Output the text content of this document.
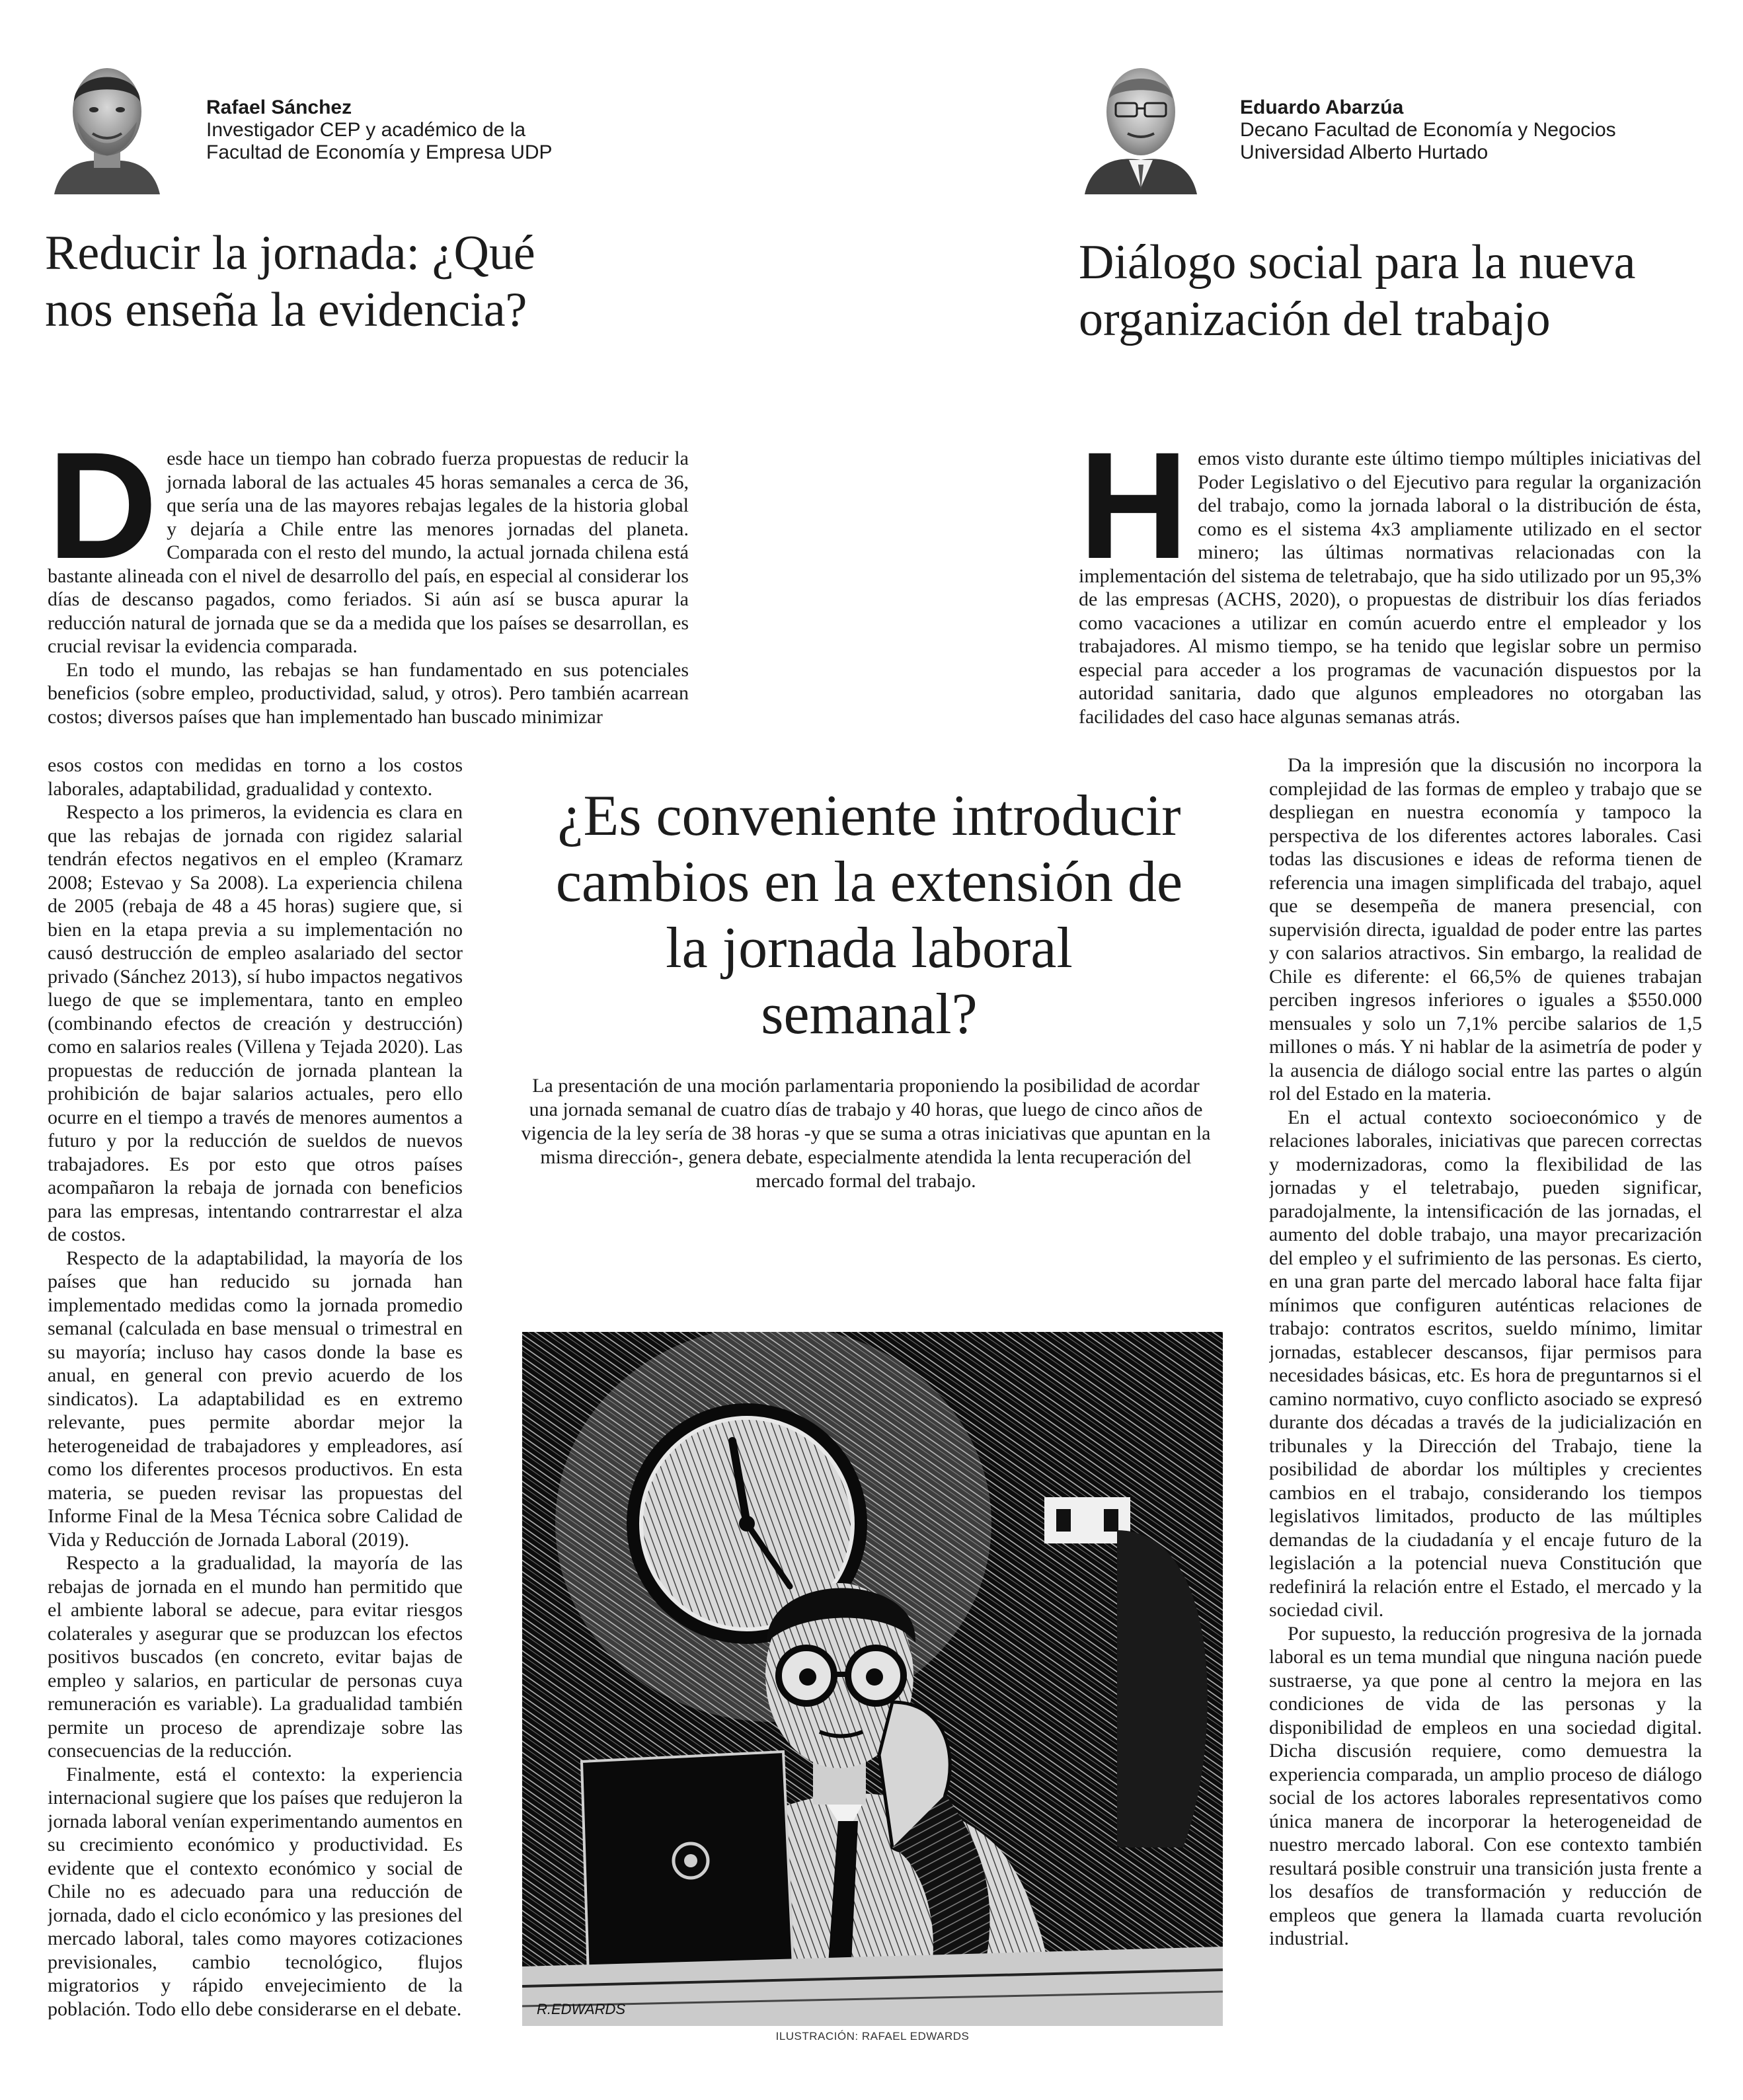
Rafael Sánchez
Investigador CEP y académico de la
Facultad de Economía y Empresa UDP
Eduardo Abarzúa
Decano Facultad de Economía y Negocios
Universidad Alberto Hurtado
Reducir la jornada: ¿Qué
nos enseña la evidencia?
Diálogo social para la nueva
organización del trabajo
D esde hace un tiempo han cobrado fuerza propuestas de reducir la jornada laboral de las actuales 45 horas semanales a cerca de 36, que sería una de las mayores rebajas legales de la historia global y dejaría a Chile entre las menores jornadas del planeta. Comparada con el resto del mundo, la actual jornada chilena está bastante alineada con el nivel de desarrollo del país, en especial al considerar los días de descanso pagados, como feriados. Si aún así se busca apurar la reducción natural de jornada que se da a medida que los países se desarrollan, es crucial revisar la evidencia comparada.

En todo el mundo, las rebajas se han fundamentado en sus potenciales beneficios (sobre empleo, productividad, salud, y otros). Pero también acarrean costos; diversos países que han implementado han buscado minimizar

esos costos con medidas en torno a los costos laborales, adaptabilidad, gradualidad y contexto.

Respecto a los primeros, la evidencia es clara en que las rebajas de jornada con rigidez salarial tendrán efectos negativos en el empleo (Kramarz 2008; Estevao y Sa 2008). La experiencia chilena de 2005 (rebaja de 48 a 45 horas) sugiere que, si bien en la etapa previa a su implementación no causó destrucción de empleo asalariado del sector privado (Sánchez 2013), sí hubo impactos negativos luego de que se implementara, tanto en empleo (combinando efectos de creación y destrucción) como en salarios reales (Villena y Tejada 2020). Las propuestas de reducción de jornada plantean la prohibición de bajar salarios actuales, pero ello ocurre en el tiempo a través de menores aumentos a futuro y por la reducción de sueldos de nuevos trabajadores. Es por esto que otros países acompañaron la rebaja de jornada con beneficios para las empresas, intentando contrarrestar el alza de costos.

Respecto de la adaptabilidad, la mayoría de los países que han reducido su jornada han implementado medidas como la jornada promedio semanal (calculada en base mensual o trimestral en su mayoría; incluso hay casos donde la base es anual, en general con previo acuerdo de los sindicatos). La adaptabilidad es en extremo relevante, pues permite abordar mejor la heterogeneidad de trabajadores y empleadores, así como los diferentes procesos productivos. En esta materia, se pueden revisar las propuestas del Informe Final de la Mesa Técnica sobre Calidad de Vida y Reducción de Jornada Laboral (2019).

Respecto a la gradualidad, la mayoría de las rebajas de jornada en el mundo han permitido que el ambiente laboral se adecue, para evitar riesgos colaterales y asegurar que se produzcan los efectos positivos buscados (en concreto, evitar bajas de empleo y salarios, en particular de personas cuya remuneración es variable). La gradualidad también permite un proceso de aprendizaje sobre las consecuencias de la reducción.

Finalmente, está el contexto: la experiencia internacional sugiere que los países que redujeron la jornada laboral venían experimentando aumentos en su crecimiento económico y productividad. Es evidente que el contexto económico y social de Chile no es adecuado para una reducción de jornada, dado el ciclo económico y las presiones del mercado laboral, tales como mayores cotizaciones previsionales, cambio tecnológico, flujos migratorios y rápido envejecimiento de la población. Todo ello debe considerarse en el debate.

H emos visto durante este último tiempo múltiples iniciativas del Poder Legislativo o del Ejecutivo para regular la organización del trabajo, como la jornada laboral o la distribución de ésta, como es el sistema 4x3 ampliamente utilizado en el sector minero; las últimas normativas relacionadas con la implementación del sistema de teletrabajo, que ha sido utilizado por un 95,3% de las empresas (ACHS, 2020), o propuestas de distribuir los días feriados como vacaciones a utilizar en común acuerdo entre el empleador y los trabajadores. Al mismo tiempo, se ha tenido que legislar sobre un permiso especial para acceder a los programas de vacunación dispuestos por la autoridad sanitaria, dado que algunos empleadores no otorgaban las facilidades del caso hace algunas semanas atrás.

Da la impresión que la discusión no incorpora la complejidad de las formas de empleo y trabajo que se despliegan en nuestra economía y tampoco la perspectiva de los diferentes actores laborales. Casi todas las discusiones e ideas de reforma tienen de referencia una imagen simplificada del trabajo, aquel que se desempeña de manera presencial, con supervisión directa, igualdad de poder entre las partes y con salarios atractivos. Sin embargo, la realidad de Chile es diferente: el 66,5% de quienes trabajan perciben ingresos inferiores o iguales a $550.000 mensuales y solo un 7,1% percibe salarios de 1,5 millones o más. Y ni hablar de la asimetría de poder y la ausencia de diálogo social entre las partes o algún rol del Estado en la materia.

En el actual contexto socioeconómico y de relaciones laborales, iniciativas que parecen correctas y modernizadoras, como la flexibilidad de las jornadas y el teletrabajo, pueden significar, paradojalmente, la intensificación de las jornadas, el aumento del doble trabajo, una mayor precarización del empleo y el sufrimiento de las personas. Es cierto, en una gran parte del mercado laboral hace falta fijar mínimos que configuren auténticas relaciones de trabajo: contratos escritos, sueldo mínimo, limitar jornadas, establecer descansos, fijar permisos para necesidades básicas, etc. Es hora de preguntarnos si el camino normativo, cuyo conflicto asociado se expresó durante dos décadas a través de la judicialización en tribunales y la Dirección del Trabajo, tiene la posibilidad de abordar los múltiples y crecientes cambios en el trabajo, considerando los tiempos legislativos limitados, producto de las múltiples demandas de la ciudadanía y el encaje futuro de la legislación a la potencial nueva Constitución que redefinirá la relación entre el Estado, el mercado y la sociedad civil.

Por supuesto, la reducción progresiva de la jornada laboral es un tema mundial que ninguna nación puede sustraerse, ya que pone al centro la mejora en las condiciones de vida de las personas y la disponibilidad de empleos en una sociedad digital. Dicha discusión requiere, como demuestra la experiencia comparada, un amplio proceso de diálogo social de los actores laborales representativos como única manera de incorporar la heterogeneidad de nuestro mercado laboral. Con ese contexto también resultará posible construir una transición justa frente a los desafíos de transformación y reducción de empleos que genera la llamada cuarta revolución industrial.

¿Es conveniente introducir
cambios en la extensión de
la jornada laboral
semanal?

La presentación de una moción parlamentaria proponiendo la posibilidad de acordar una jornada semanal de cuatro días de trabajo y 40 horas, que luego de cinco años de vigencia de la ley sería de 38 horas -y que se suma a otras iniciativas que apuntan en la misma dirección-, genera debate, especialmente atendida la lenta recuperación del mercado formal del trabajo.

R.EDWARDS
ILUSTRACIÓN: RAFAEL EDWARDS
